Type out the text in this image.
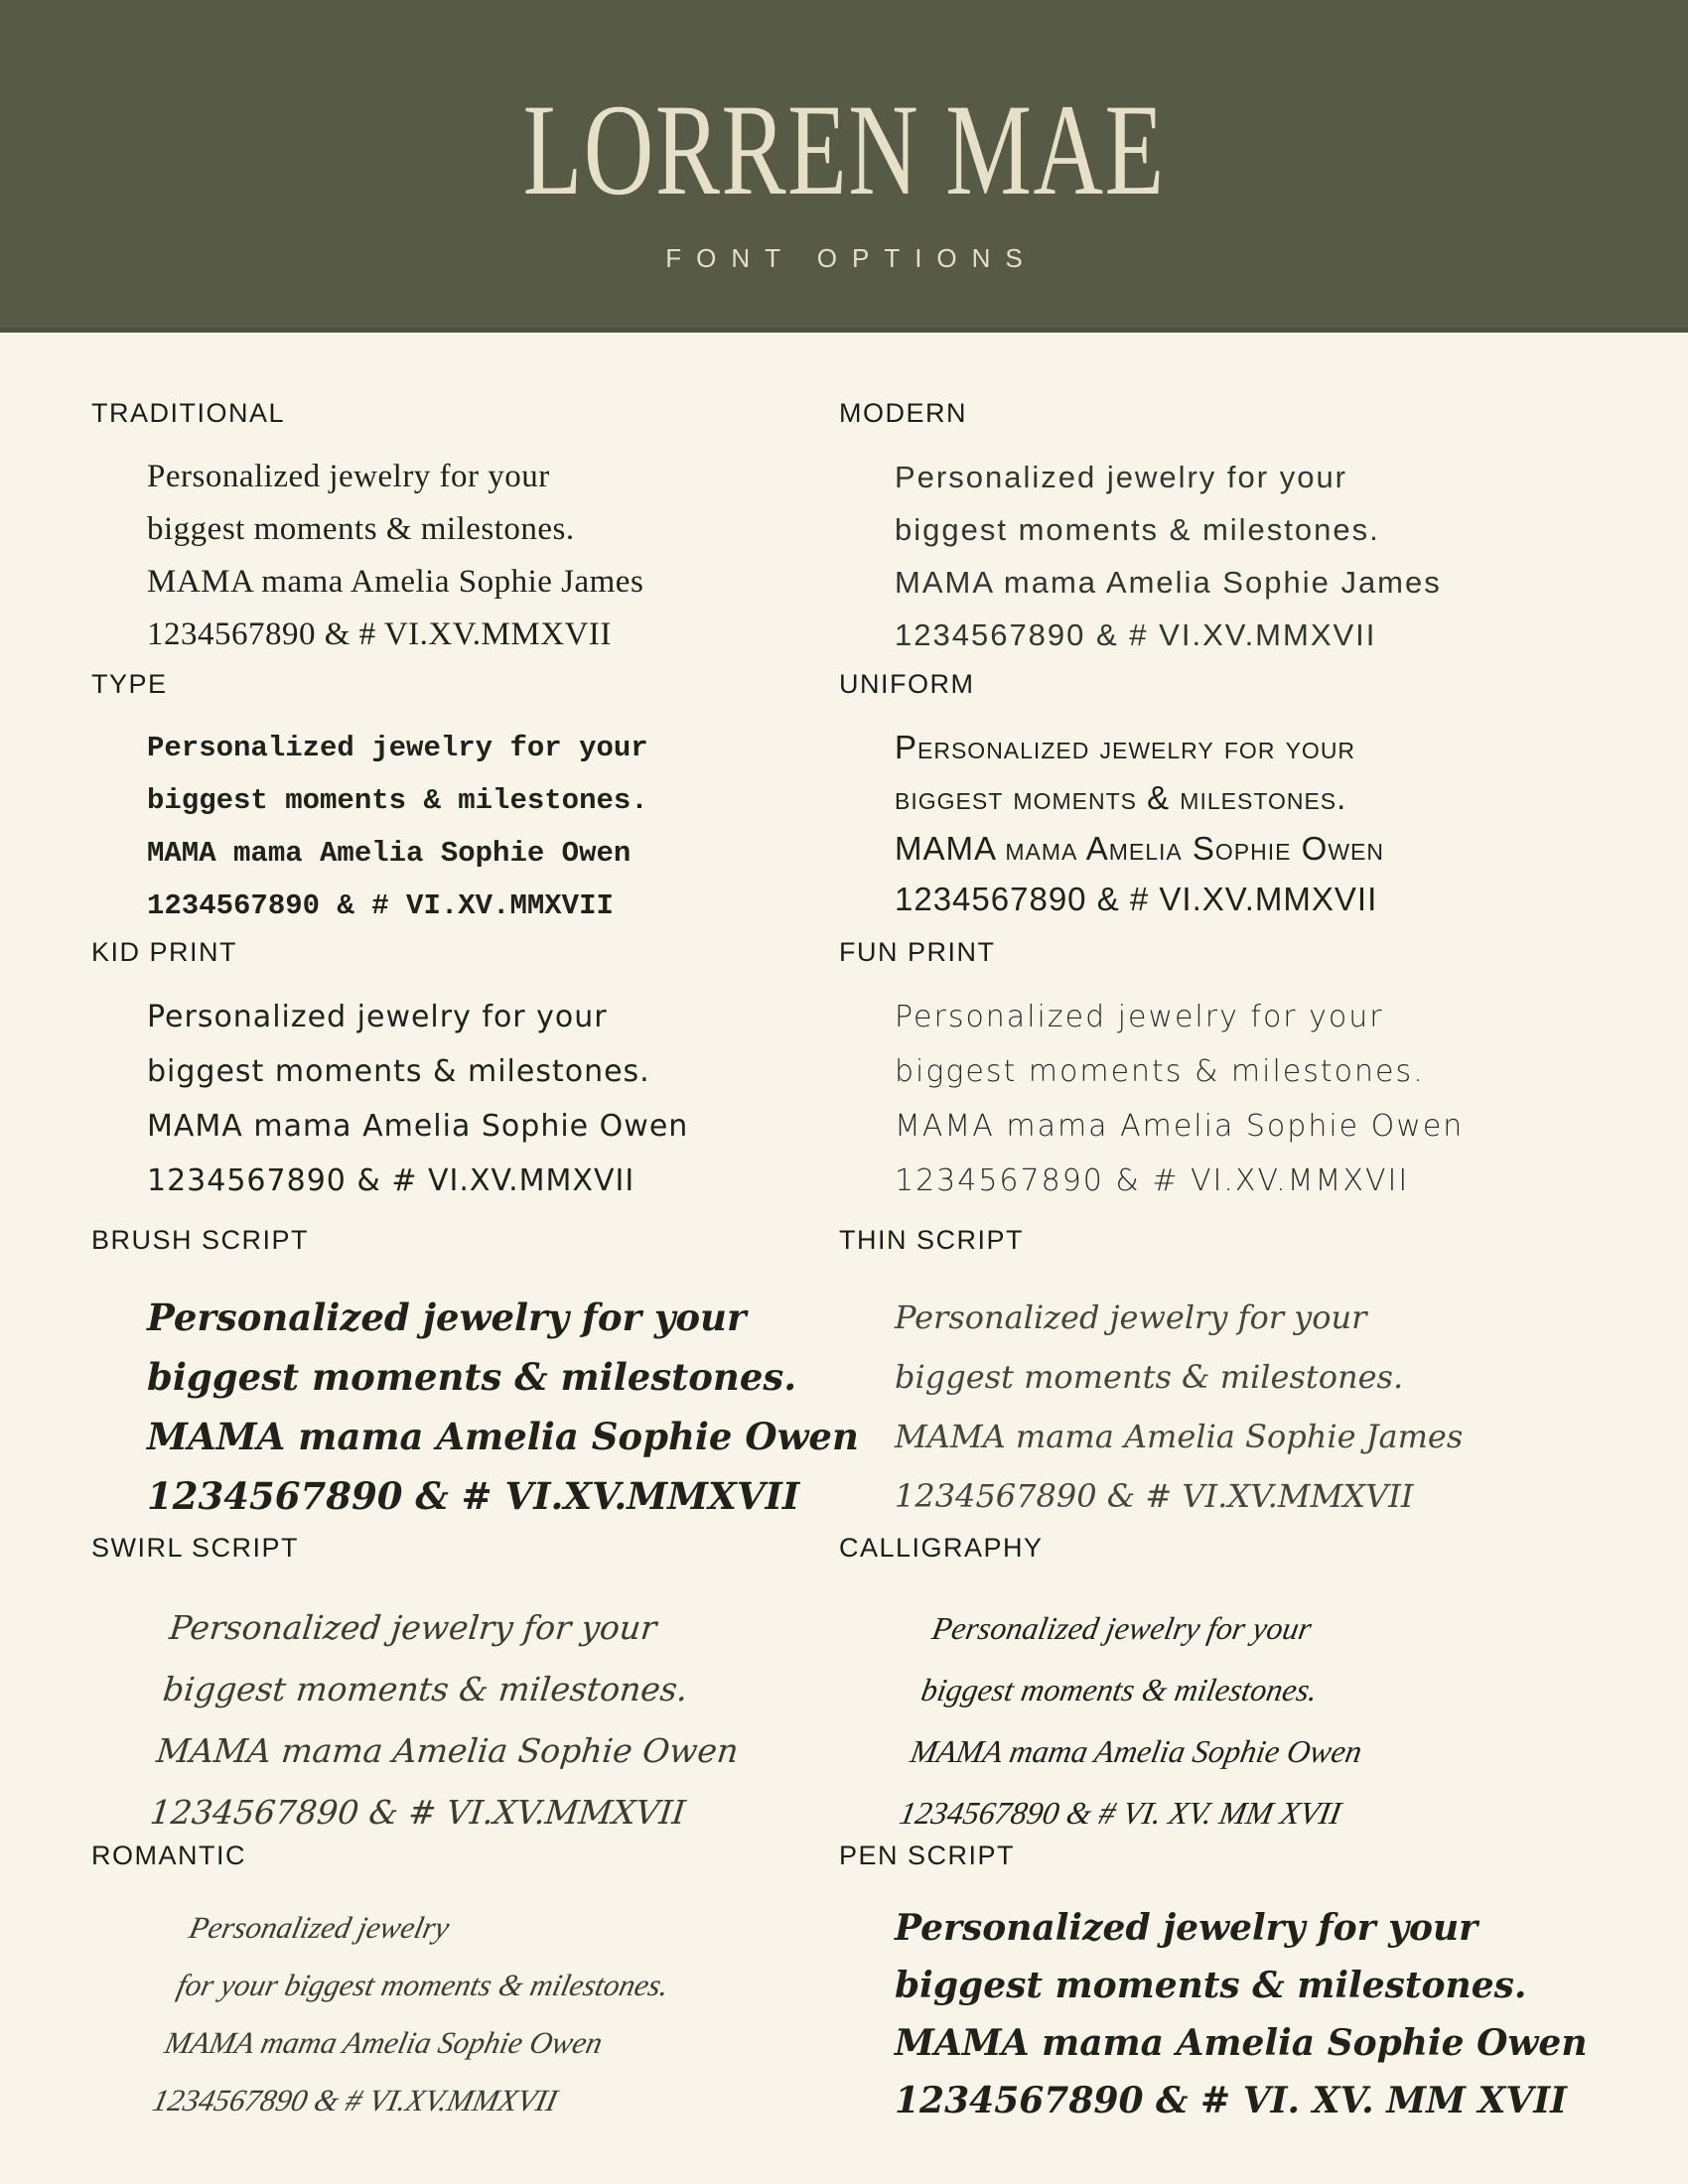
LORREN MAE
FONT OPTIONS
TRADITIONAL
Personalized jewelry for your
biggest moments & milestones.
MAMA mama Amelia Sophie James
1234567890 & # VI.XV.MMXVII
MODERN
Personalized jewelry for your
biggest moments & milestones.
MAMA mama Amelia Sophie James
1234567890 & # VI.XV.MMXVII
TYPE
Personalized jewelry for your
biggest moments & milestones.
MAMA mama Amelia Sophie Owen
1234567890 & # VI.XV.MMXVII
UNIFORM
Personalized jewelry for your
biggest moments & milestones.
MAMA mama Amelia Sophie Owen
1234567890 & # VI.XV.MMXVII
KID PRINT
Personalized jewelry for your
biggest moments & milestones.
MAMA mama Amelia Sophie Owen
1234567890 & # VI.XV.MMXVII
FUN PRINT
Personalized jewelry for your
biggest moments & milestones.
MAMA mama Amelia Sophie Owen
1234567890 & # VI.XV.MMXVII
BRUSH SCRIPT
Personalized jewelry for your
biggest moments & milestones.
MAMA mama Amelia Sophie Owen
1234567890 & # VI.XV.MMXVII
THIN SCRIPT
Personalized jewelry for your
biggest moments & milestones.
MAMA mama Amelia Sophie James
1234567890 & # VI.XV.MMXVII
SWIRL SCRIPT
Personalized jewelry for your
biggest moments & milestones.
MAMA mama Amelia Sophie Owen
1234567890 & # VI.XV.MMXVII
CALLIGRAPHY
Personalized jewelry for your
biggest moments & milestones.
MAMA mama Amelia Sophie Owen
1234567890 & # VI. XV. MM XVII
ROMANTIC
Personalized jewelry
for your biggest moments & milestones.
MAMA mama Amelia Sophie Owen
1234567890 & # VI.XV.MMXVII
PEN SCRIPT
Personalized jewelry for your
biggest moments & milestones.
MAMA mama Amelia Sophie Owen
1234567890 & # VI. XV. MM XVII
